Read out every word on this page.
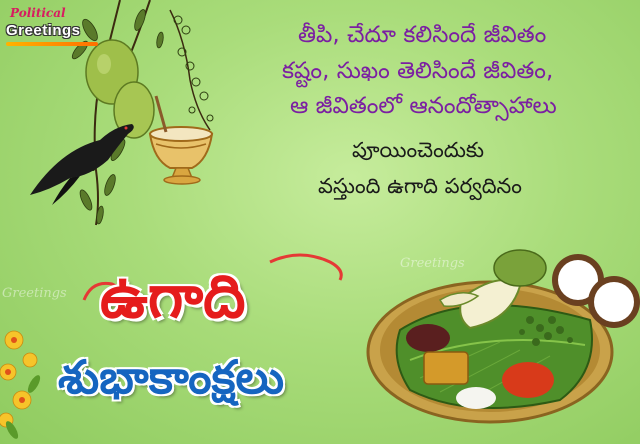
Political
Greetings	తీపి, చేదూ కలిసిందే జీవితం
కష్టం, సుఖం తెలిసిందే జీవితం,
ఆ జీవితంలో ఆనందోత్సాహాలు
పూయించెందుకు
వస్తుంది ఉగాది పర్వదినం
ఉగాది
శుభాకాంక్షలు
Greetings
Greetings
